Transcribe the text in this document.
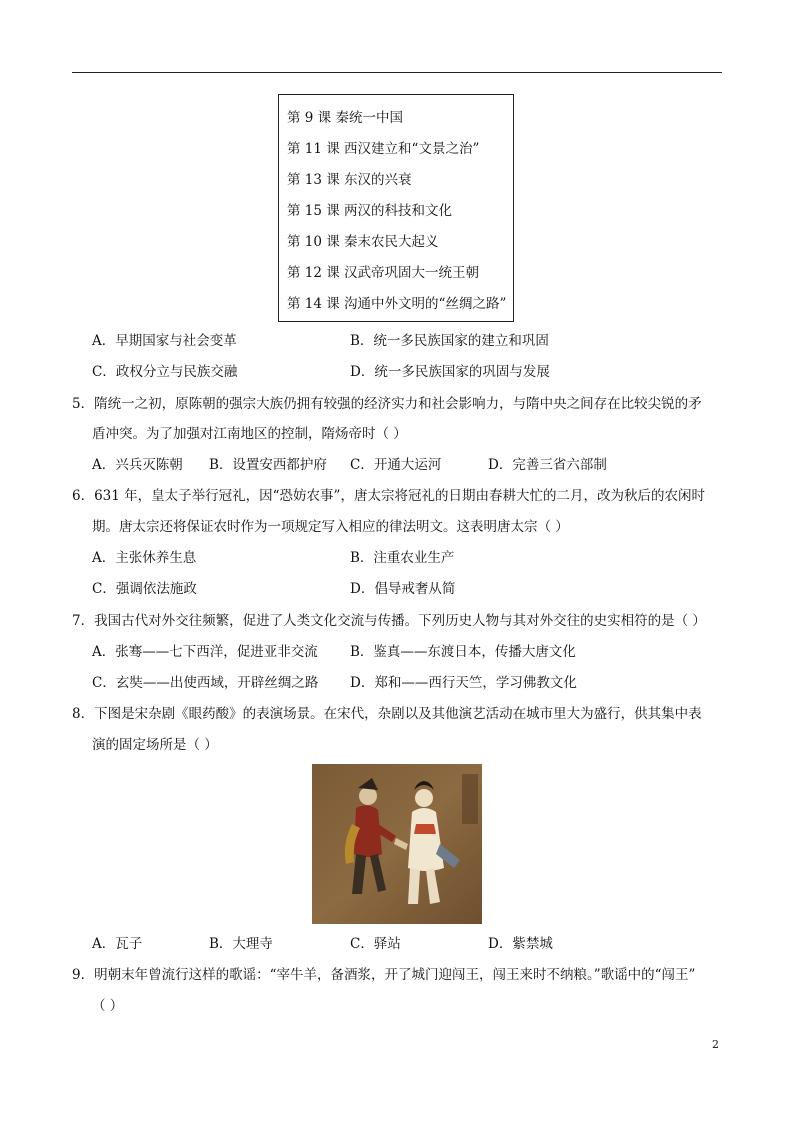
第 9 课 秦统一中国
第 11 课 西汉建立和“文景之治”
第 13 课 东汉的兴衰
第 15 课 两汉的科技和文化
第 10 课 秦末农民大起义
第 12 课 汉武帝巩固大一统王朝
第 14 课 沟通中外文明的“丝绸之路”
A．早期国家与社会变革	B．统一多民族国家的建立和巩固
C．政权分立与民族交融	D．统一多民族国家的巩固与发展
5．隋统一之初，原陈朝的强宗大族仍拥有较强的经济实力和社会影响力，与隋中央之间存在比较尖锐的矛
盾冲突。为了加强对江南地区的控制，隋炀帝时（ ）
A．兴兵灭陈朝 B．设置安西都护府 C．开通大运河	D．完善三省六部制
6．631 年，皇太子举行冠礼，因“恐妨农事”，唐太宗将冠礼的日期由春耕大忙的二月，改为秋后的农闲时
期。唐太宗还将保证农时作为一项规定写入相应的律法明文。这表明唐太宗（ ）
A．主张休养生息	B．注重农业生产
C．强调依法施政	D．倡导戒奢从简
7．我国古代对外交往频繁，促进了人类文化交流与传播。下列历史人物与其对外交往的史实相符的是（ ）
A．张骞——七下西洋，促进亚非交流 B．鉴真——东渡日本，传播大唐文化
C．玄奘——出使西域，开辟丝绸之路 D．郑和——西行天竺，学习佛教文化
8．下图是宋杂剧《眼药酸》的表演场景。在宋代，杂剧以及其他演艺活动在城市里大为盛行，供其集中表
演的固定场所是（ ）
A．瓦子	B．大理寺	C．驿站	D．紫禁城
9．明朝末年曾流行这样的歌谣：“宰牛羊，备酒浆，开了城门迎闯王，闯王来时不纳粮。”歌谣中的“闯王”
（ ）
2
